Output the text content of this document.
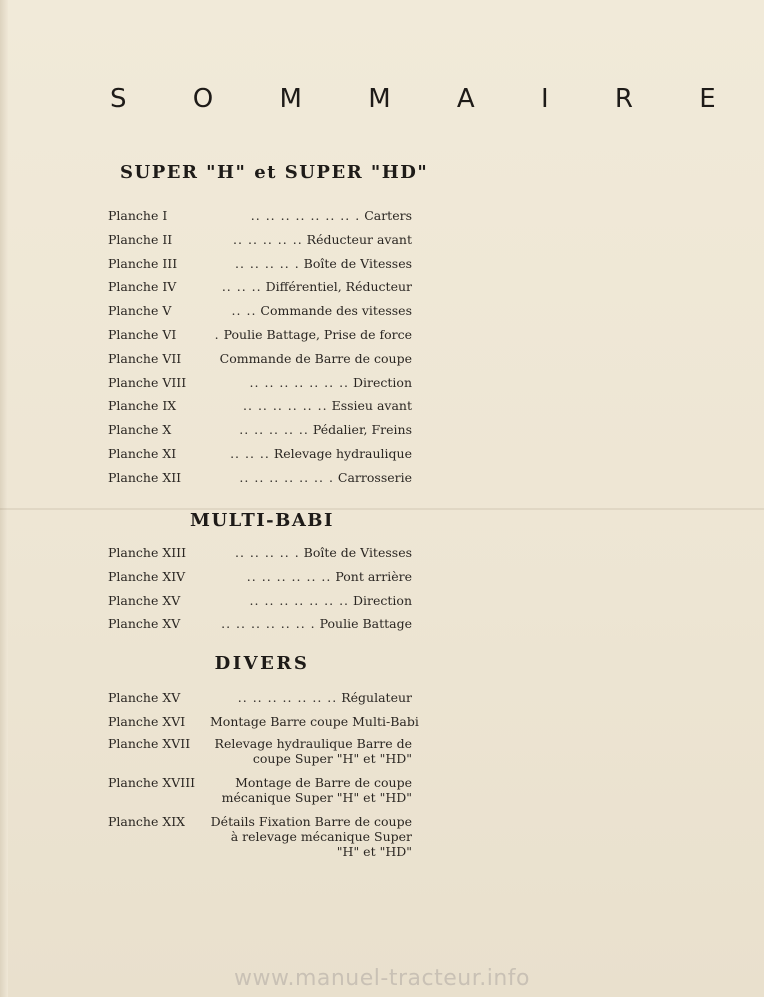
S O M M A I R E
SUPER "H" et SUPER "HD"
Planche I	.. .. .. .. .. .. .. . Carters
Planche II	.. .. .. .. .. Réducteur avant
Planche III	.. .. .. .. . Boîte de Vitesses
Planche IV	.. .. .. Différentiel, Réducteur
Planche V	.. .. Commande des vitesses
Planche VI	. Poulie Battage, Prise de force
Planche VII	Commande de Barre de coupe
Planche VIII	.. .. .. .. .. .. .. Direction
Planche IX	.. .. .. .. .. .. Essieu avant
Planche X	.. .. .. .. .. Pédalier, Freins
Planche XI	.. .. .. Relevage hydraulique
Planche XII	.. .. .. .. .. .. . Carrosserie
MULTI-BABI
Planche XIII	.. .. .. .. . Boîte de Vitesses
Planche XIV	.. .. .. .. .. .. Pont arrière
Planche XV	.. .. .. .. .. .. .. Direction
Planche XV	.. .. .. .. .. .. . Poulie Battage
DIVERS
Planche XV	.. .. .. .. .. .. .. Régulateur
Planche XVI Montage Barre coupe Multi-Babi
Planche XVII	Relevage hydraulique Barre de coupe Super "H" et "HD"
Planche XVIII	Montage de Barre de coupe mécanique Super "H" et "HD"
Planche XIX Détails Fixation Barre de coupe à relevage mécanique Super "H" et "HD"
www.manuel-tracteur.info
